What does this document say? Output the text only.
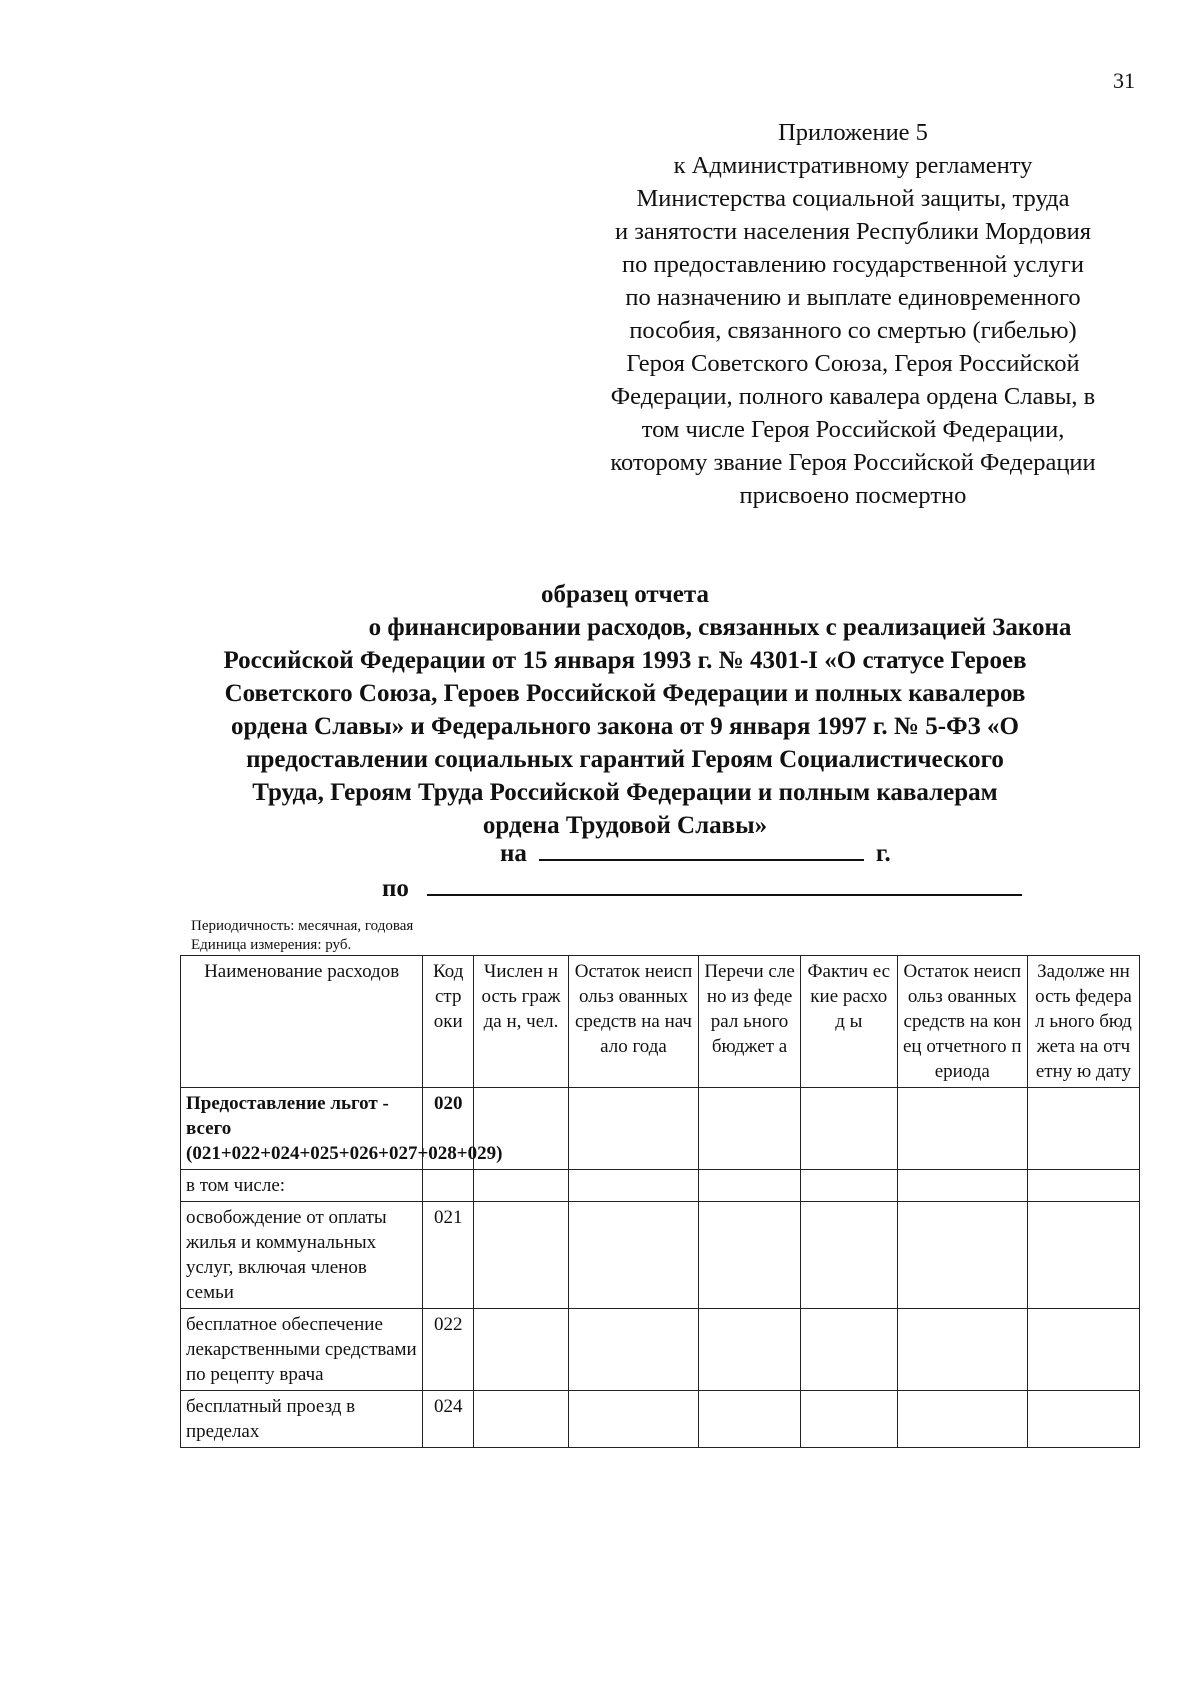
31
Приложение 5
к Административному регламенту
Министерства социальной защиты, труда
и занятости населения Республики Мордовия
по предоставлению государственной услуги
по назначению и выплате единовременного
пособия, связанного со смертью (гибелью)
Героя Советского Союза, Героя Российской
Федерации, полного кавалера ордена Славы, в
том числе Героя Российской Федерации,
которому звание Героя Российской Федерации
присвоено посмертно
образец отчета
о финансировании расходов, связанных с реализацией Закона
Российской Федерации от 15 января 1993 г. № 4301-I «О статусе Героев
Советского Союза, Героев Российской Федерации и полных кавалеров
ордена Славы» и Федерального закона от 9 января 1997 г. № 5-ФЗ «О
предоставлении социальных гарантий Героям Социалистического
Труда, Героям Труда Российской Федерации и полным кавалерам
ордена Трудовой Славы»
на	г.
по
Периодичность: месячная, годовая
Единица измерения: руб.
Наименование расходов	Код стр оки	Числен ность гражда н, чел.	Остаток неиспольз ованных средств на начало года	Перечи слено из федерал ьного бюджет а	Фактич еские расход ы	Остаток неиспольз ованных средств на конец отчетного периода	Задолже нность федерал ьного бюджета на отчетну ю дату
Предоставление льгот - всего (021+022+024+025+026+027+028+029)	020						
в том числе:							
освобождение от оплаты жилья и коммунальных услуг, включая членов семьи	021						
бесплатное обеспечение лекарственными средствами по рецепту врача	022						
бесплатный проезд в пределах	024						
